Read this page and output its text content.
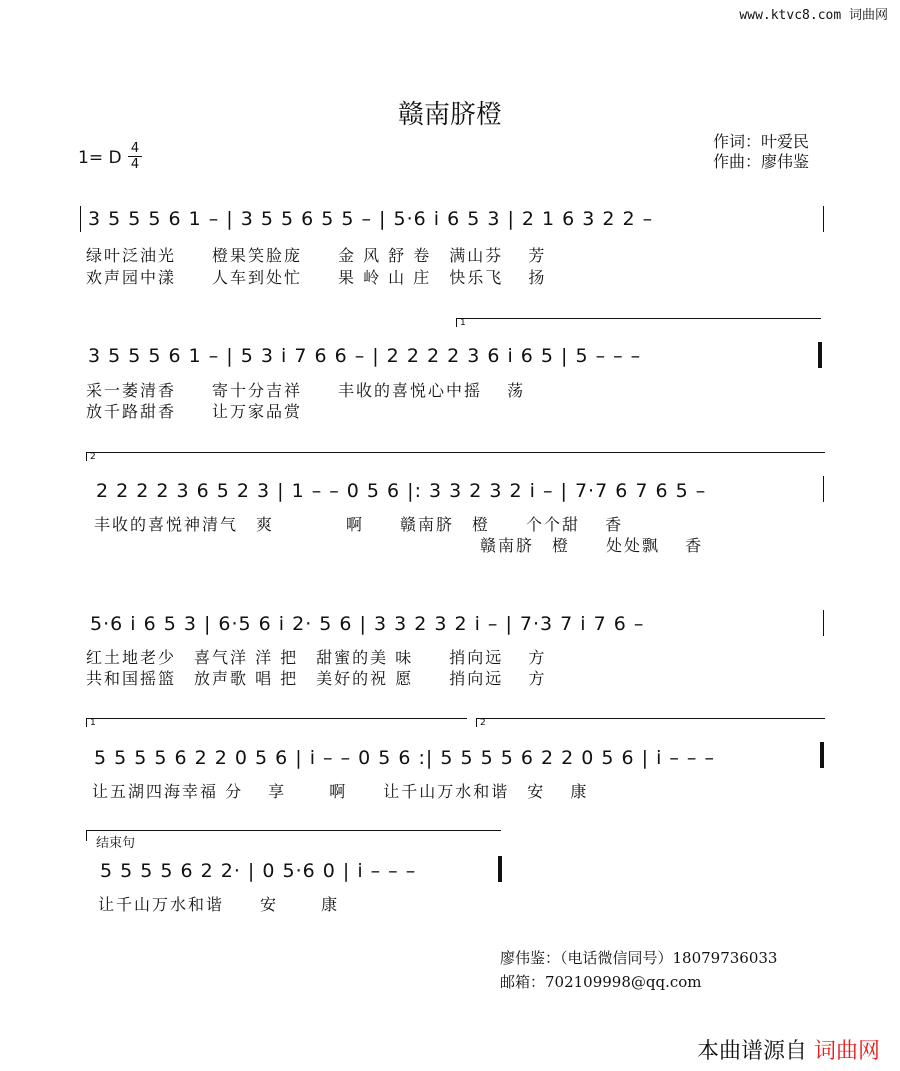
www.ktvc8.com 词曲网
赣南脐橙
1= D 4
4
作词：叶爱民
作曲：廖伟鉴
3 5 5 5 6 1 – | 3 5 5 6 5 5 – | 5·6 i 6 5 3 | 2 1 6 3 2 2 –
绿叶泛油光　　橙果笑脸庞　　金 风 舒 卷　满山芬　 芳
欢声园中漾　　人车到处忙　　果 岭 山 庄　快乐飞　 扬
1
3 5 5 5 6 1 – | 5 3 i 7 6 6 – | 2 2 2 2 3 6 i 6 5 | 5 – – –
采一萎清香　　寄十分吉祥　　丰收的喜悦心中摇　 荡
放千路甜香　　让万家品赏
2
2 2 2 2 3 6 5 2 3 | 1 – – 0 5 6 |: 3 3 2 3 2 i – | 7·7 6 7 6 5 –
丰收的喜悦神清气　爽　　　　啊　　赣南脐　橙　　个个甜　 香
赣南脐　橙　　处处飘　 香
5·6 i 6 5 3 | 6·5 6 i 2· 5 6 | 3 3 2 3 2 i – | 7·3 7 i 7 6 –
红土地老少　喜气洋 洋 把　甜蜜的美 味　　捎向远　 方
共和国摇篮　放声歌 唱 把　美好的祝 愿　　捎向远　 方
1	2
5 5 5 5 6 2 2 0 5 6 | i – – 0 5 6 :| 5 5 5 5 6 2 2 0 5 6 | i – – –
让五湖四海幸福 分　 享　　 啊　　让千山万水和谐　安　 康
结束句
5 5 5 5 6 2 2· | 0 5·6 0 | i – – –
让千山万水和谐　　安　　 康
廖伟鉴：（电话微信同号）18079736033
邮箱：702109998@qq.com
本曲谱源自 词曲网
